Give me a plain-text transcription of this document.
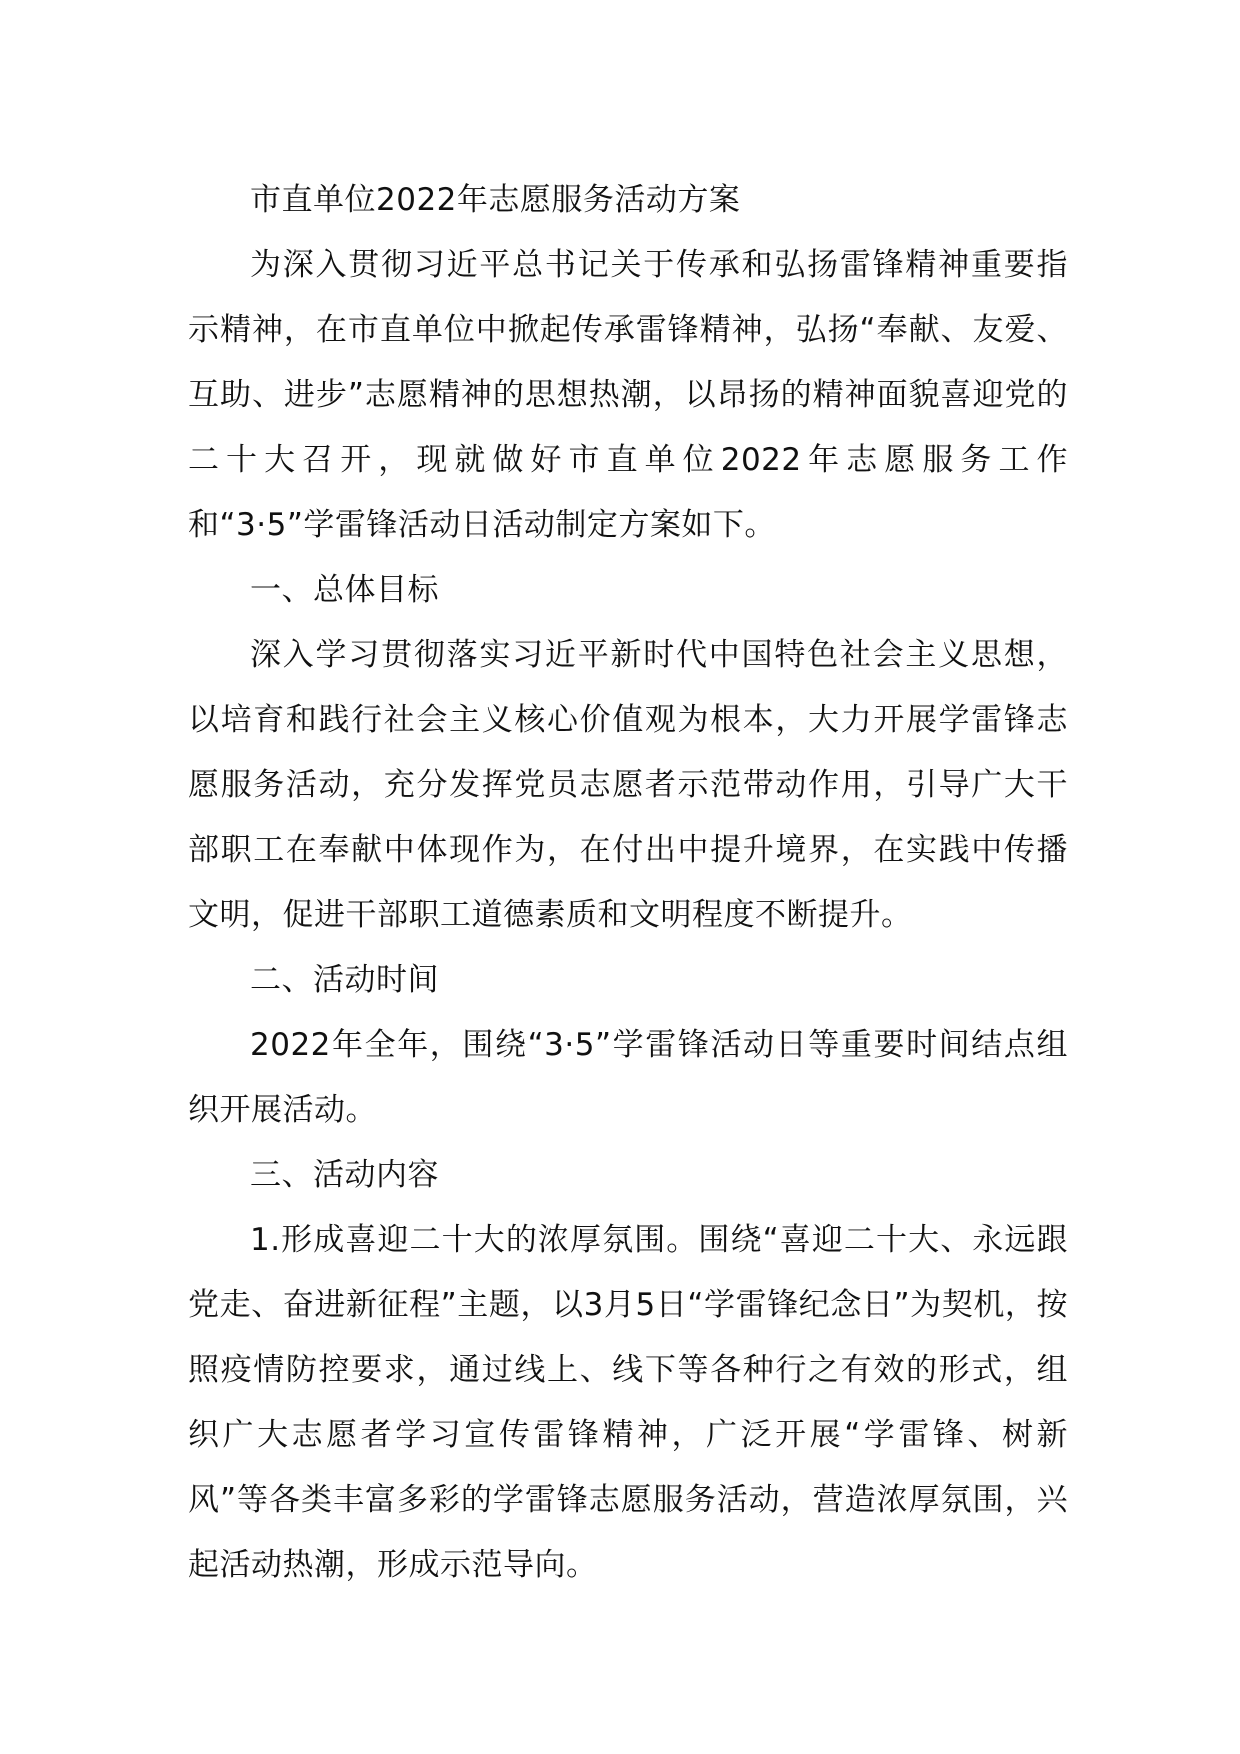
市直单位2022年志愿服务活动方案

为深入贯彻习近平总书记关于传承和弘扬雷锋精神重要指示精神，在市直单位中掀起传承雷锋精神，弘扬“奉献、友爱、互助、进步”志愿精神的思想热潮，以昂扬的精神面貌喜迎党的二十大召开，现就做好市直单位2022年志愿服务工作和“3·5”学雷锋活动日活动制定方案如下。

一、总体目标

深入学习贯彻落实习近平新时代中国特色社会主义思想，以培育和践行社会主义核心价值观为根本，大力开展学雷锋志愿服务活动，充分发挥党员志愿者示范带动作用，引导广大干部职工在奉献中体现作为，在付出中提升境界，在实践中传播文明，促进干部职工道德素质和文明程度不断提升。

二、活动时间

2022年全年，围绕“3·5”学雷锋活动日等重要时间结点组织开展活动。

三、活动内容

1.形成喜迎二十大的浓厚氛围。围绕“喜迎二十大、永远跟党走、奋进新征程”主题，以3月5日“学雷锋纪念日”为契机，按照疫情防控要求，通过线上、线下等各种行之有效的形式，组织广大志愿者学习宣传雷锋精神，广泛开展“学雷锋、树新风”等各类丰富多彩的学雷锋志愿服务活动，营造浓厚氛围，兴起活动热潮，形成示范导向。
